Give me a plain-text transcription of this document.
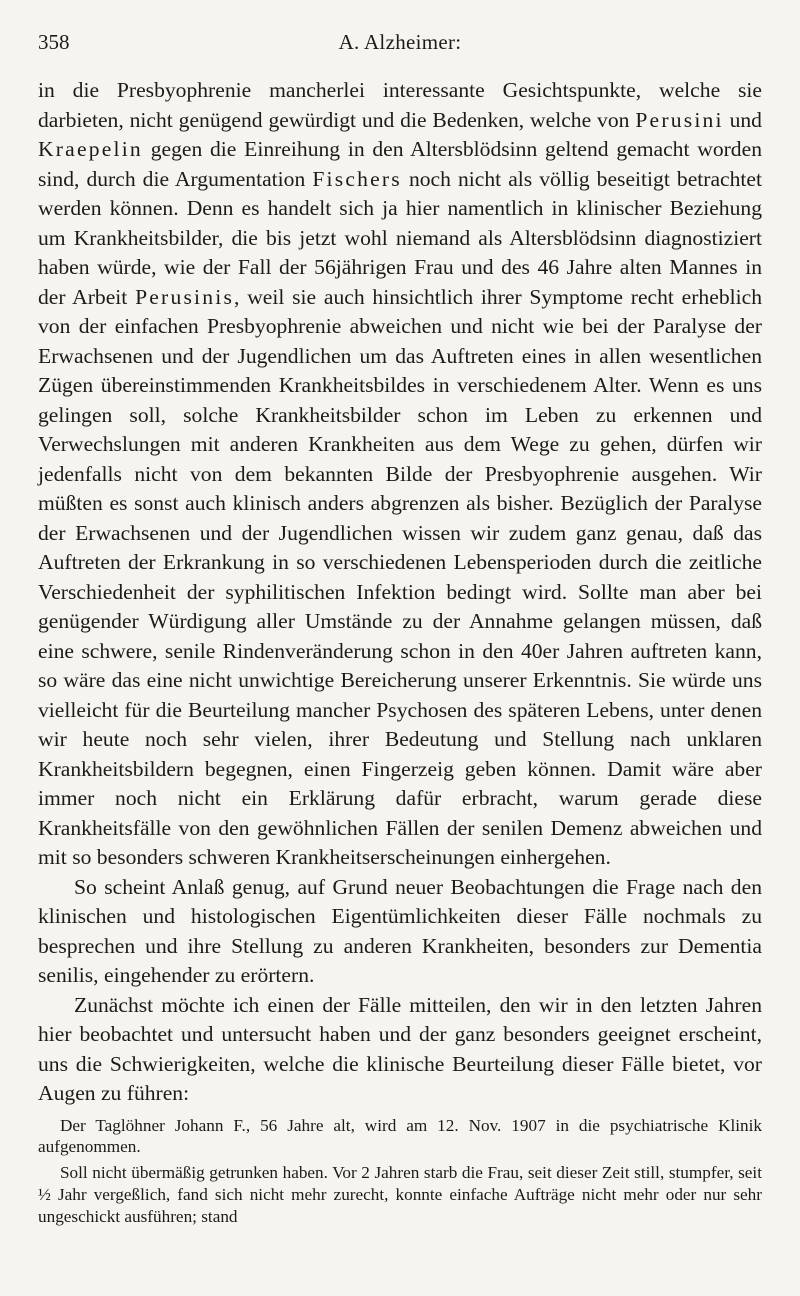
358	A. Alzheimer:

in die Presbyophrenie mancherlei interessante Gesichtspunkte, welche sie darbieten, nicht genügend gewürdigt und die Bedenken, welche von Perusini und Kraepelin gegen die Einreihung in den Altersblödsinn geltend gemacht worden sind, durch die Argumentation Fischers noch nicht als völlig beseitigt betrachtet werden können. Denn es handelt sich ja hier namentlich in klinischer Beziehung um Krankheitsbilder, die bis jetzt wohl niemand als Altersblödsinn diagnostiziert haben würde, wie der Fall der 56jährigen Frau und des 46 Jahre alten Mannes in der Arbeit Perusinis, weil sie auch hinsichtlich ihrer Symptome recht erheblich von der einfachen Presbyophrenie abweichen und nicht wie bei der Paralyse der Erwachsenen und der Jugendlichen um das Auftreten eines in allen wesentlichen Zügen übereinstimmenden Krankheitsbildes in verschiedenem Alter. Wenn es uns gelingen soll, solche Krankheitsbilder schon im Leben zu erkennen und Verwechslungen mit anderen Krankheiten aus dem Wege zu gehen, dürfen wir jedenfalls nicht von dem bekannten Bilde der Presbyophrenie ausgehen. Wir müßten es sonst auch klinisch anders abgrenzen als bisher. Bezüglich der Paralyse der Erwachsenen und der Jugendlichen wissen wir zudem ganz genau, daß das Auftreten der Erkrankung in so verschiedenen Lebensperioden durch die zeitliche Verschiedenheit der syphilitischen Infektion bedingt wird. Sollte man aber bei genügender Würdigung aller Umstände zu der Annahme gelangen müssen, daß eine schwere, senile Rindenveränderung schon in den 40er Jahren auftreten kann, so wäre das eine nicht unwichtige Bereicherung unserer Erkenntnis. Sie würde uns vielleicht für die Beurteilung mancher Psychosen des späteren Lebens, unter denen wir heute noch sehr vielen, ihrer Bedeutung und Stellung nach unklaren Krankheitsbildern begegnen, einen Fingerzeig geben können. Damit wäre aber immer noch nicht ein Erklärung dafür erbracht, warum gerade diese Krankheitsfälle von den gewöhnlichen Fällen der senilen Demenz abweichen und mit so besonders schweren Krankheitserscheinungen einhergehen.

So scheint Anlaß genug, auf Grund neuer Beobachtungen die Frage nach den klinischen und histologischen Eigentümlichkeiten dieser Fälle nochmals zu besprechen und ihre Stellung zu anderen Krankheiten, besonders zur Dementia senilis, eingehender zu erörtern.

Zunächst möchte ich einen der Fälle mitteilen, den wir in den letzten Jahren hier beobachtet und untersucht haben und der ganz besonders geeignet erscheint, uns die Schwierigkeiten, welche die klinische Beurteilung dieser Fälle bietet, vor Augen zu führen:

Der Taglöhner Johann F., 56 Jahre alt, wird am 12. Nov. 1907 in die psychiatrische Klinik aufgenommen.

Soll nicht übermäßig getrunken haben. Vor 2 Jahren starb die Frau, seit dieser Zeit still, stumpfer, seit ½ Jahr vergeßlich, fand sich nicht mehr zurecht, konnte einfache Aufträge nicht mehr oder nur sehr ungeschickt ausführen; stand
